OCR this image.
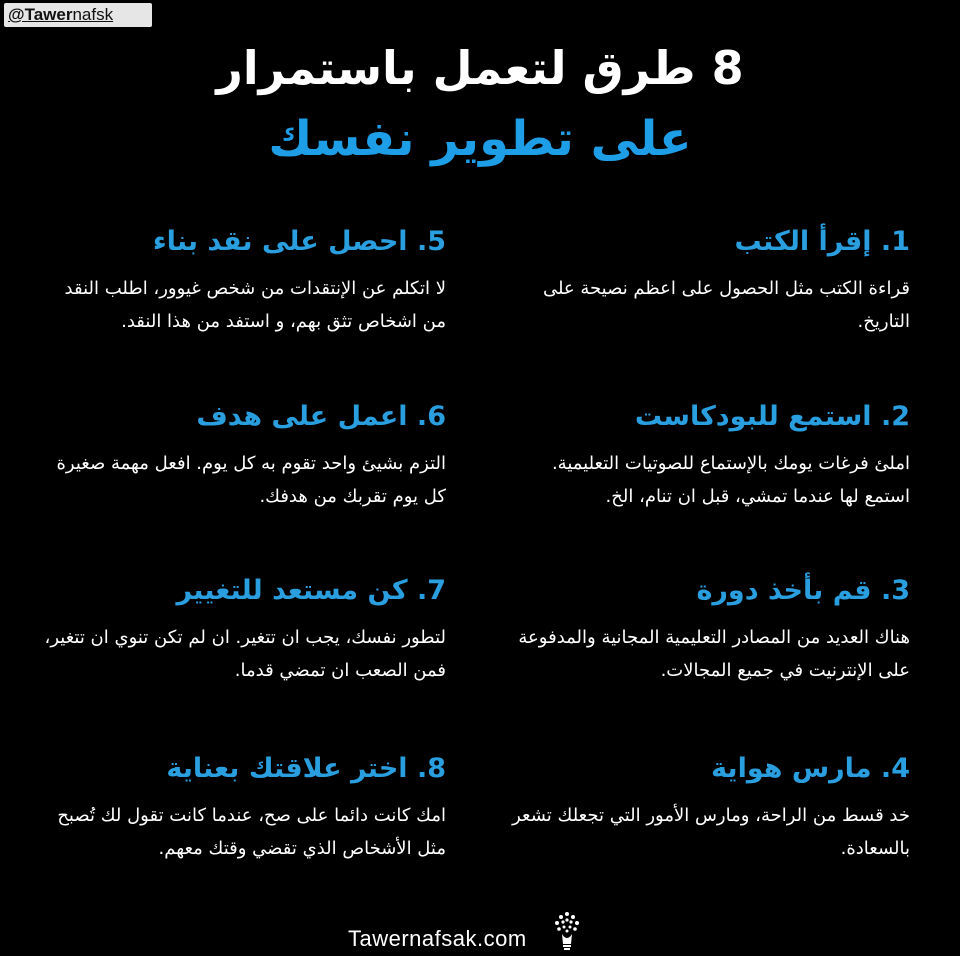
@Tawernafsk
8 طرق لتعمل باستمرار
على تطوير نفسك
1. إقرأ الكتب
قراءة الكتب مثل الحصول على اعظم نصيحة على التاريخ.
2. استمع للبودكاست
املئ فرغات يومك بالإستماع للصوتيات التعليمية. استمع لها عندما تمشي، قبل ان تنام، الخ.
3. قم بأخذ دورة
هناك العديد من المصادر التعليمية المجانية والمدفوعة على الإنترنيت في جميع المجالات.
4. مارس هواية
خد قسط من الراحة، ومارس الأمور التي تجعلك تشعر بالسعادة.
5. احصل على نقد بناء
لا اتكلم عن الإنتقدات من شخص غيوور، اطلب النقد من اشخاص تثق بهم، و استفد من هذا النقد.
6. اعمل على هدف
التزم بشيئ واحد تقوم به كل يوم. افعل مهمة صغيرة كل يوم تقربك من هدفك.
7. كن مستعد للتغيير
لتطور نفسك، يجب ان تتغير. ان لم تكن تنوي ان تتغير، فمن الصعب ان تمضي قدما.
8. اختر علاقتك بعناية
امك كانت دائما على صح، عندما كانت تقول لك تُصبح مثل الأشخاص الذي تقضي وقتك معهم.
Tawernafsak.com
